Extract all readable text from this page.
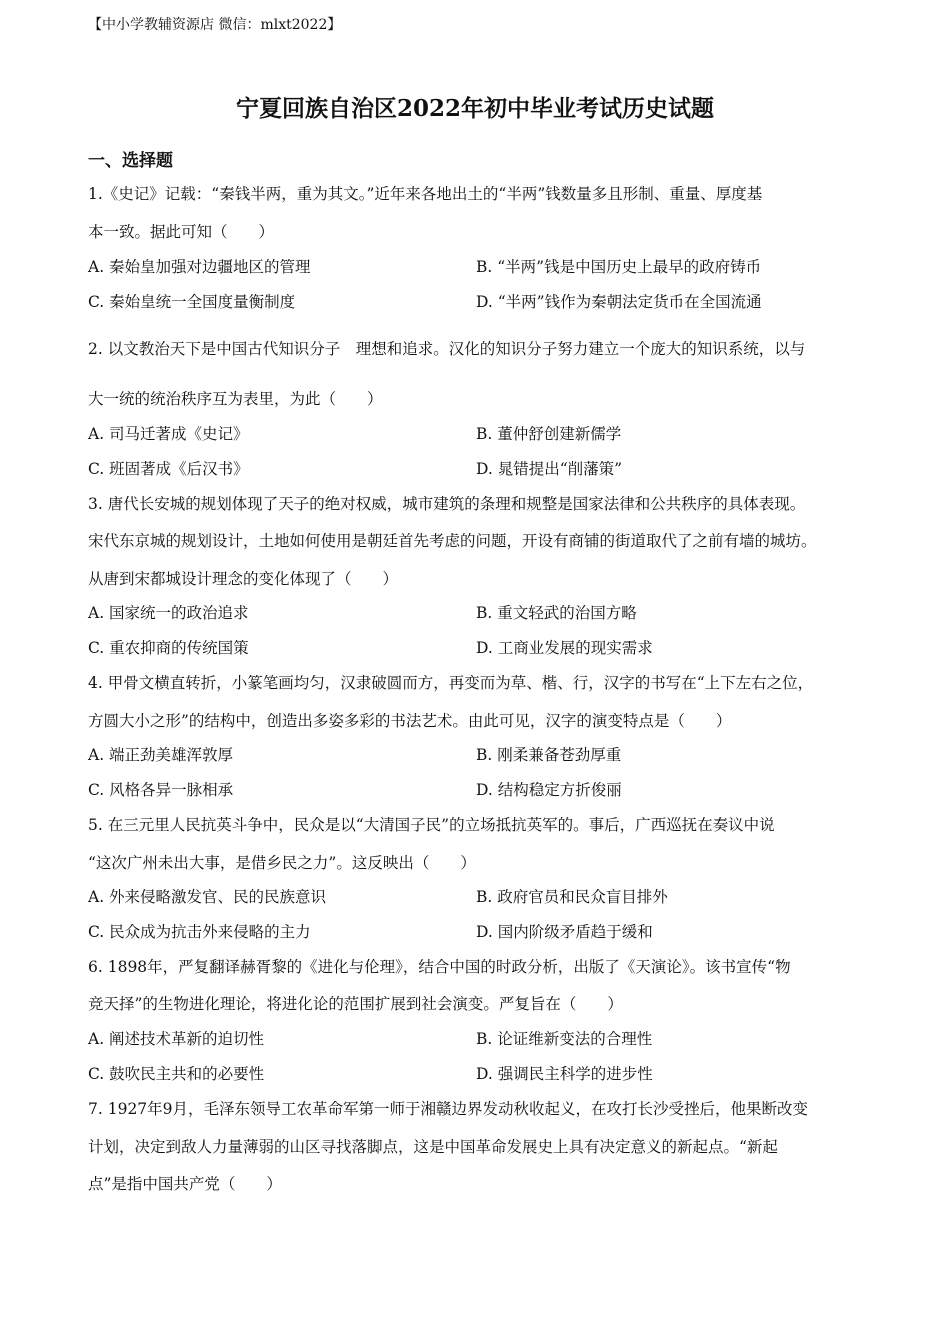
【中小学教辅资源店 微信：mlxt2022】
宁夏回族自治区2022年初中毕业考试历史试题
一、选择题
1.《史记》记载：“秦钱半两，重为其文。”近年来各地出土的“半两”钱数量多且形制、重量、厚度基
本一致。据此可知（　　）
A. 秦始皇加强对边疆地区的管理	B. “半两”钱是中国历史上最早的政府铸币
C. 秦始皇统一全国度量衡制度	D. “半两”钱作为秦朝法定货币在全国流通
2. 以文教治天下是中国古代知识分子　理想和追求。汉化的知识分子努力建立一个庞大的知识系统，以与
大一统的统治秩序互为表里，为此（　　）
A. 司马迁著成《史记》	B. 董仲舒创建新儒学
C. 班固著成《后汉书》	D. 晁错提出“削藩策”
3. 唐代长安城的规划体现了天子的绝对权威，城市建筑的条理和规整是国家法律和公共秩序的具体表现。
宋代东京城的规划设计，土地如何使用是朝廷首先考虑的问题，开设有商铺的街道取代了之前有墙的城坊。
从唐到宋都城设计理念的变化体现了（　　）
A. 国家统一的政治追求	B. 重文轻武的治国方略
C. 重农抑商的传统国策	D. 工商业发展的现实需求
4. 甲骨文横直转折，小篆笔画均匀，汉隶破圆而方，再变而为草、楷、行，汉字的书写在“上下左右之位，
方圆大小之形”的结构中，创造出多姿多彩的书法艺术。由此可见，汉字的演变特点是（　　）
A. 端正劲美雄浑敦厚	B. 刚柔兼备苍劲厚重
C. 风格各异一脉相承	D. 结构稳定方折俊丽
5. 在三元里人民抗英斗争中，民众是以“大清国子民”的立场抵抗英军的。事后，广西巡抚在奏议中说
“这次广州未出大事，是借乡民之力”。这反映出（　　）
A. 外来侵略激发官、民的民族意识	B. 政府官员和民众盲目排外
C. 民众成为抗击外来侵略的主力	D. 国内阶级矛盾趋于缓和
6. 1898年，严复翻译赫胥黎的《进化与伦理》，结合中国的时政分析，出版了《天演论》。该书宣传“物
竞天择”的生物进化理论，将进化论的范围扩展到社会演变。严复旨在（　　）
A. 阐述技术革新的迫切性	B. 论证维新变法的合理性
C. 鼓吹民主共和的必要性	D. 强调民主科学的进步性
7. 1927年9月，毛泽东领导工农革命军第一师于湘赣边界发动秋收起义，在攻打长沙受挫后，他果断改变
计划，决定到敌人力量薄弱的山区寻找落脚点，这是中国革命发展史上具有决定意义的新起点。“新起
点”是指中国共产党（　　）
